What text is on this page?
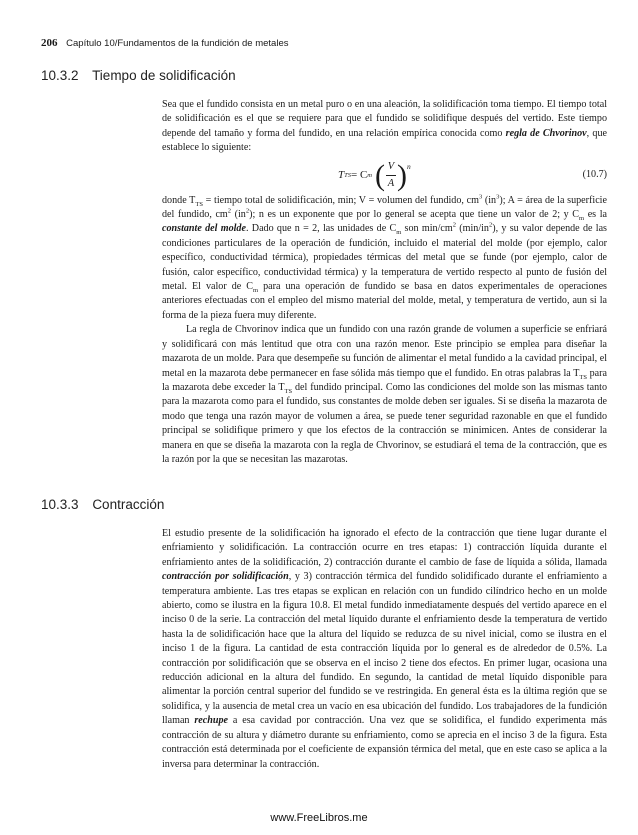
206 Capítulo 10/Fundamentos de la fundición de metales
10.3.2 Tiempo de solidificación

Sea que el fundido consista en un metal puro o en una aleación, la solidificación toma tiempo. El tiempo total de solidificación es el que se requiere para que el fundido se solidifique después del vertido. Este tiempo depende del tamaño y forma del fundido, en una relación empírica conocida como regla de Chvorinov, que establece lo siguiente:

T TS = C m ( $\frac{V}{A}$ ) n
(10.7)

donde $T_{TS}$ = tiempo total de solidificación, min; V = volumen del fundido, $cm^3$ $(in^3)$; A = área de la superficie del fundido, $cm^2$ $(in^2)$; n es un exponente que por lo general se acepta que tiene un valor de 2; y $C_m$ es la constante del molde. Dado que n = 2, las unidades de $C_m$ son $\min/cm^2$ $(\min/in^2)$, y su valor depende de las condiciones particulares de la operación de fundición, incluido el material del molde (por ejemplo, calor específico, conductividad térmica), propiedades térmicas del metal que se funde (por ejemplo, calor de fusión, calor específico, conductividad térmica) y la temperatura de vertido respecto al punto de fusión del metal. El valor de $C_m$ para una operación de fundido se basa en datos experimentales de operaciones anteriores efectuadas con el empleo del mismo material del molde, metal, y temperatura de vertido, aun si la forma de la pieza fuera muy diferente.

La regla de Chvorinov indica que un fundido con una razón grande de volumen a superficie se enfriará y solidificará con más lentitud que otra con una razón menor. Este principio se emplea para diseñar la mazarota de un molde. Para que desempeñe su función de alimentar el metal fundido a la cavidad principal, el metal en la mazarota debe permanecer en fase sólida más tiempo que el fundido. En otras palabras la $T_{TS}$ para la mazarota debe exceder la $T_{TS}$ del fundido principal. Como las condiciones del molde son las mismas tanto para la mazarota como para el fundido, sus constantes de molde deben ser iguales. Si se diseña la mazarota de modo que tenga una razón mayor de volumen a área, se puede tener seguridad razonable en que el fundido principal se solidifique primero y que los efectos de la contracción se minimicen. Antes de considerar la manera en que se diseña la mazarota con la regla de Chvorinov, se estudiará el tema de la contracción, que es la razón por la que se necesitan las mazarotas.

10.3.3 Contracción

El estudio presente de la solidificación ha ignorado el efecto de la contracción que tiene lugar durante el enfriamiento y solidificación. La contracción ocurre en tres etapas: 1) contracción líquida durante el enfriamiento antes de la solidificación, 2) contracción durante el cambio de fase de líquida a sólida, llamada contracción por solidificación, y 3) contracción térmica del fundido solidificado durante el enfriamiento a temperatura ambiente. Las tres etapas se explican en relación con un fundido cilíndrico hecho en un molde abierto, como se ilustra en la figura 10.8. El metal fundido inmediatamente después del vertido aparece en el inciso 0 de la serie. La contracción del metal líquido durante el enfriamiento desde la temperatura de vertido hasta la de solidificación hace que la altura del líquido se reduzca de su nivel inicial, como se ilustra en el inciso 1 de la figura. La cantidad de esta contracción líquida por lo general es de alrededor de 0.5%. La contracción por solidificación que se observa en el inciso 2 tiene dos efectos. En primer lugar, ocasiona una reducción adicional en la altura del fundido. En segundo, la cantidad de metal líquido disponible para alimentar la porción central superior del fundido se ve restringida. En general ésta es la última región que se solidifica, y la ausencia de metal crea un vacío en esa ubicación del fundido. Los trabajadores de la fundición llaman rechupe a esa cavidad por contracción. Una vez que se solidifica, el fundido experimenta más contracción de su altura y diámetro durante su enfriamiento, como se aprecia en el inciso 3 de la figura. Esta contracción está determinada por el coeficiente de expansión térmica del metal, que en este caso se aplica a la inversa para determinar la contracción.

www.FreeLibros.me
